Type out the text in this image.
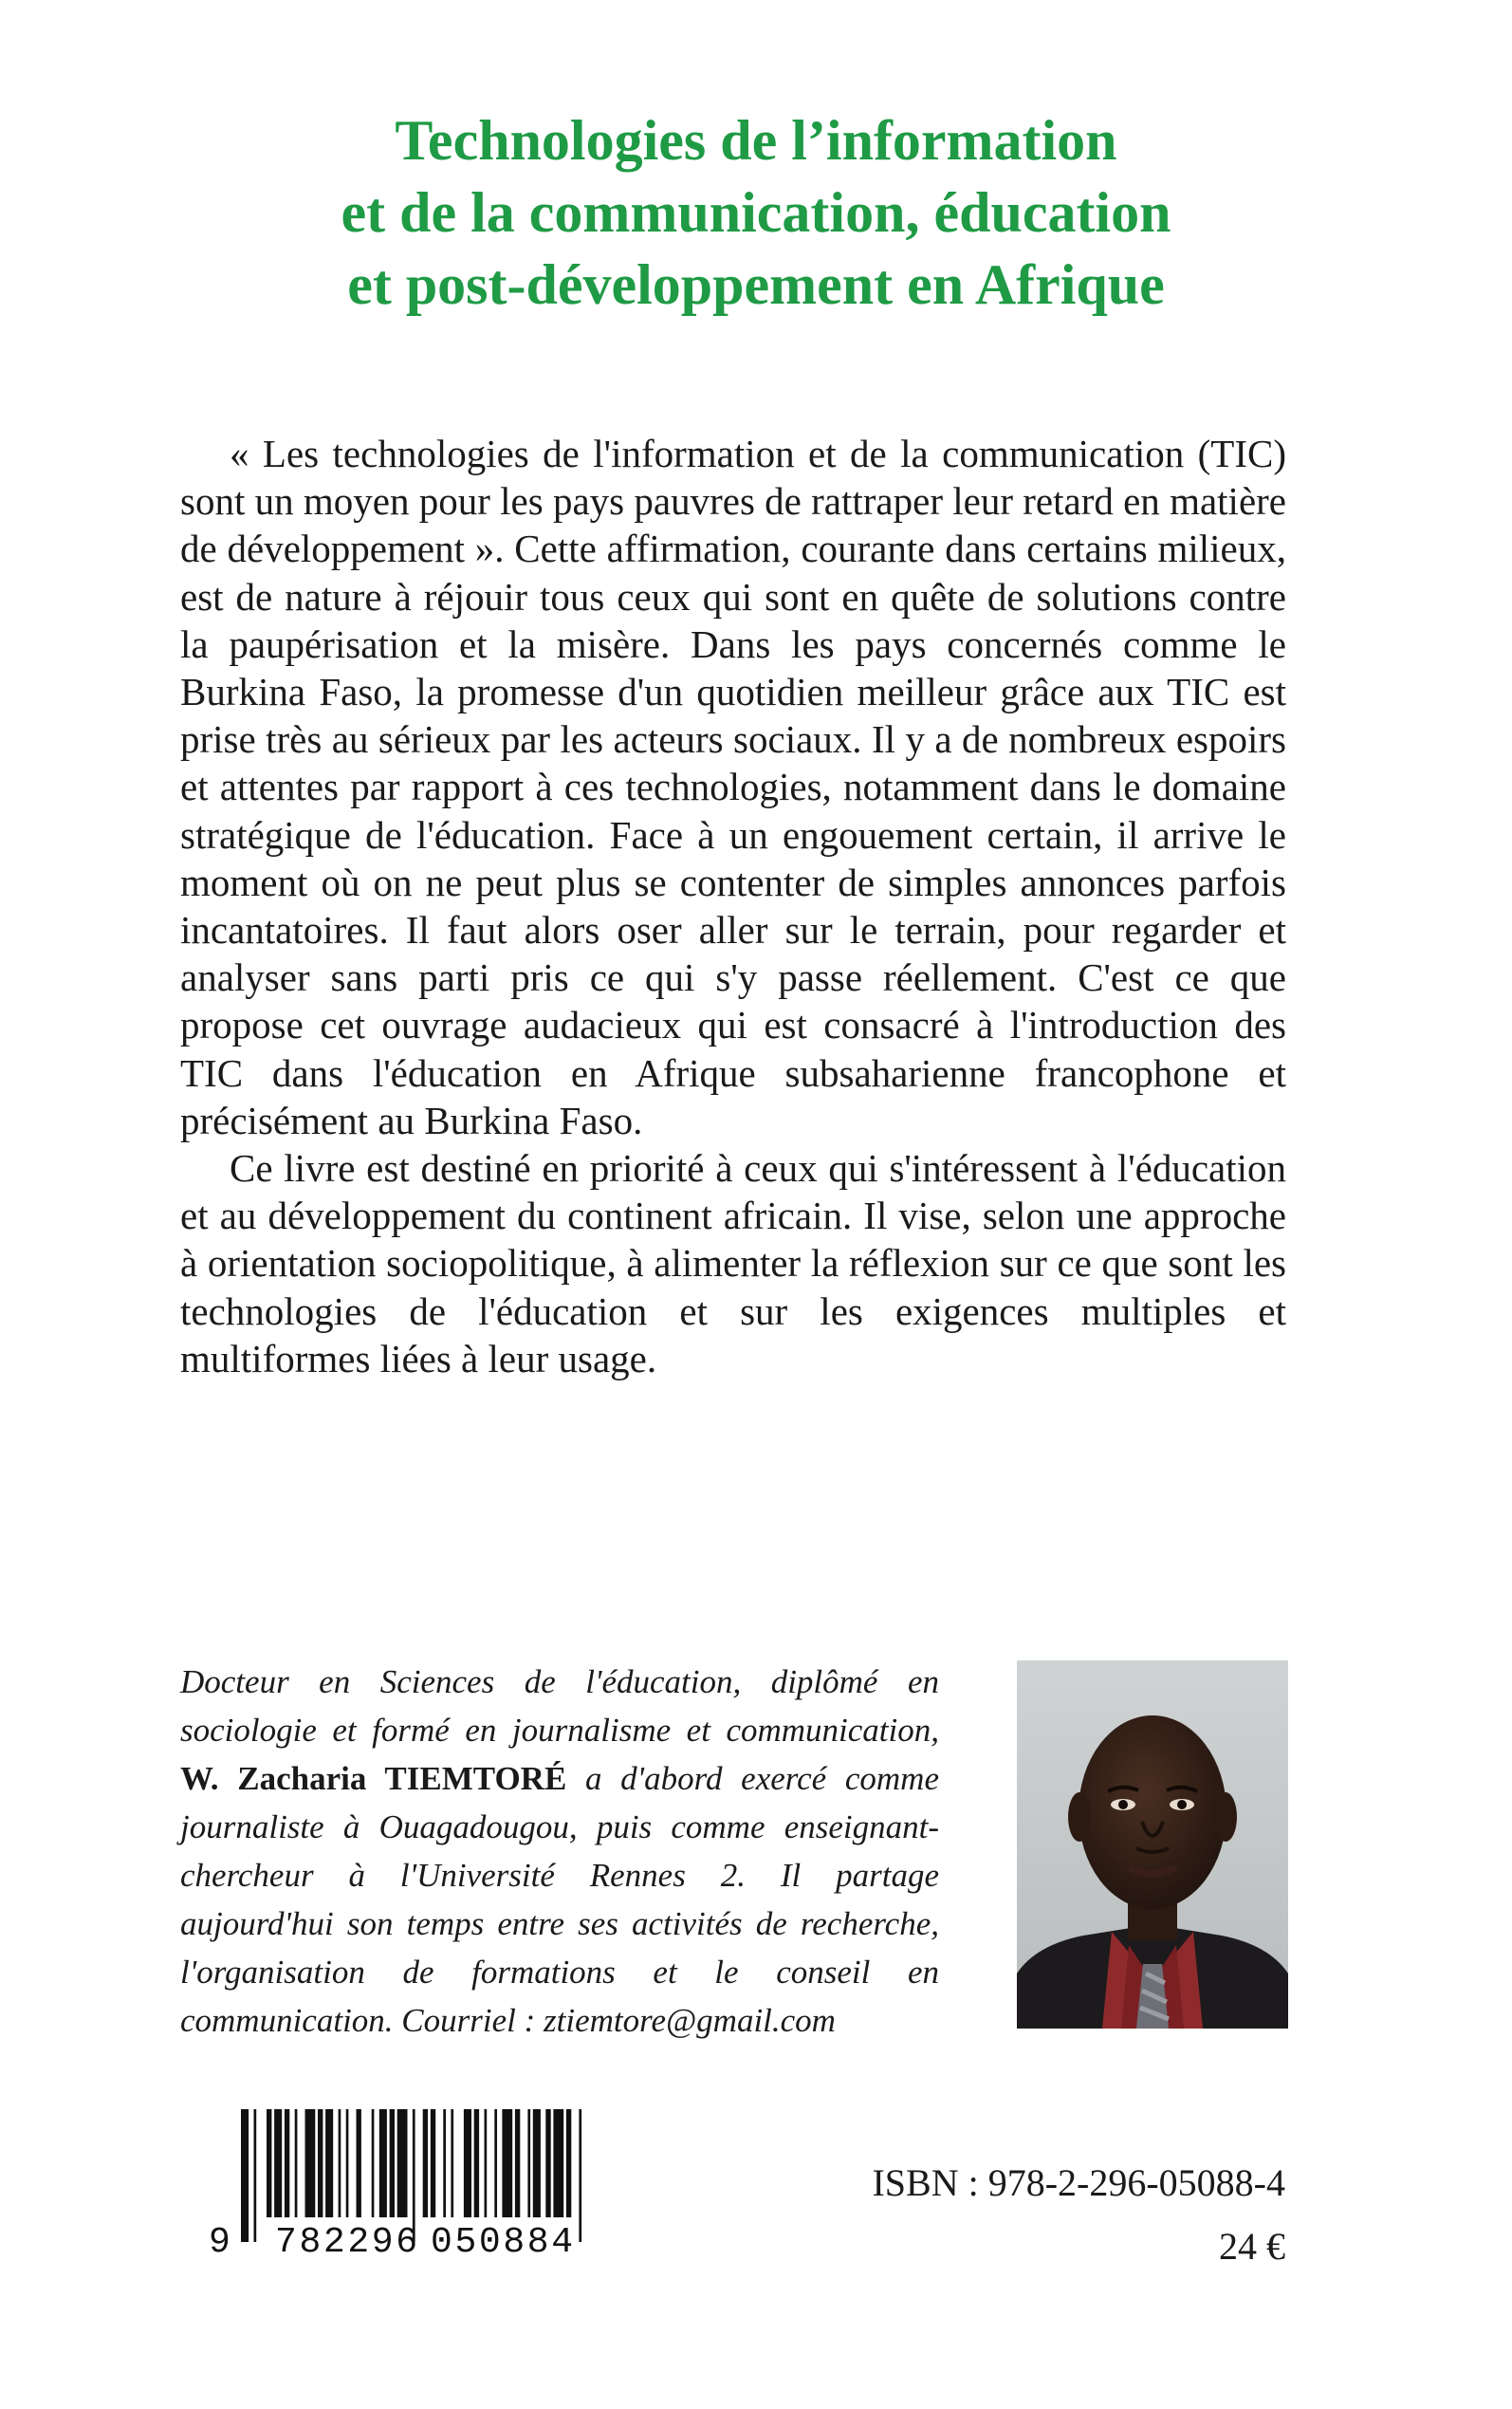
Technologies de l’information
et de la communication, éducation
et post-développement en Afrique

« Les technologies de l'information et de la communication (TIC) sont un moyen pour les pays pauvres de rattraper leur retard en matière de développement ». Cette affirmation, courante dans certains milieux, est de nature à réjouir tous ceux qui sont en quête de solutions contre la paupérisation et la misère. Dans les pays concernés comme le Burkina Faso, la promesse d'un quotidien meilleur grâce aux TIC est prise très au sérieux par les acteurs sociaux. Il y a de nombreux espoirs et attentes par rapport à ces technologies, notamment dans le domaine stratégique de l'éducation. Face à un engouement certain, il arrive le moment où on ne peut plus se contenter de simples annonces parfois incantatoires. Il faut alors oser aller sur le terrain, pour regarder et analyser sans parti pris ce qui s'y passe réellement. C'est ce que propose cet ouvrage audacieux qui est consacré à l'introduction des TIC dans l'éducation en Afrique subsaharienne francophone et précisément au Burkina Faso.

Ce livre est destiné en priorité à ceux qui s'intéressent à l'éducation et au développement du continent africain. Il vise, selon une approche à orientation sociopolitique, à alimenter la réflexion sur ce que sont les technologies de l'éducation et sur les exigences multiples et multiformes liées à leur usage.

Docteur en Sciences de l'éducation, diplômé en sociologie et formé en journalisme et communication, W. Zacharia TIEMTORÉ a d'abord exercé comme journaliste à Ouagadougou, puis comme enseignant-chercheur à l'Université Rennes 2. Il partage aujourd'hui son temps entre ses activités de recherche, l'organisation de formations et le conseil en communication. Courriel : ztiemtore@gmail.com

9 782296 050884

ISBN : 978-2-296-05088-4

24 €
